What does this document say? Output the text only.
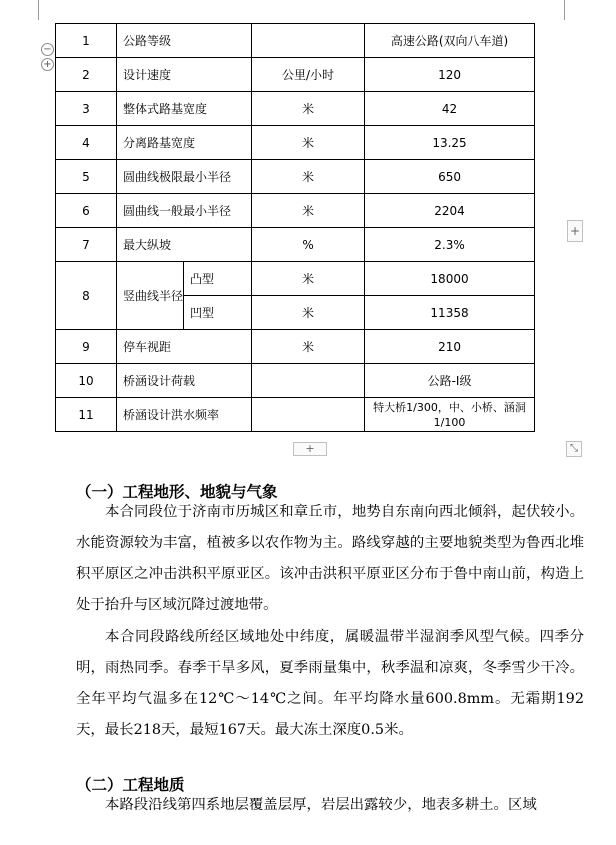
−
+
1	公路等级			高速公路(双向八车道)
2	设计速度		公里/小时	120
3	整体式路基宽度		米	42
4	分离路基宽度		米	13.25
5	圆曲线极限最小半径		米	650
6	圆曲线一般最小半径		米	2204
7	最大纵坡		%	2.3%
8	竖曲线半径	凸型	米	18000
		凹型	米	11358
9	停车视距		米	210
10	桥涵设计荷载			公路-I级
11	桥涵设计洪水频率			特大桥1/300，中、小桥、涵洞1/100
+
+	⤡
（一）工程地形、地貌与气象

本合同段位于济南市历城区和章丘市，地势自东南向西北倾斜，起伏较小。水能资源较为丰富，植被多以农作物为主。路线穿越的主要地貌类型为鲁西北堆积平原区之冲击洪积平原亚区。该冲击洪积平原亚区分布于鲁中南山前，构造上处于抬升与区域沉降过渡地带。

本合同段路线所经区域地处中纬度，属暖温带半湿润季风型气候。四季分明，雨热同季。春季干旱多风，夏季雨量集中，秋季温和凉爽，冬季雪少干冷。全年平均气温多在12℃～14℃之间。年平均降水量600.8mm。无霜期192天，最长218天，最短167天。最大冻土深度0.5米。

（二）工程地质

本路段沿线第四系地层覆盖层厚，岩层出露较少，地表多耕土。区域
